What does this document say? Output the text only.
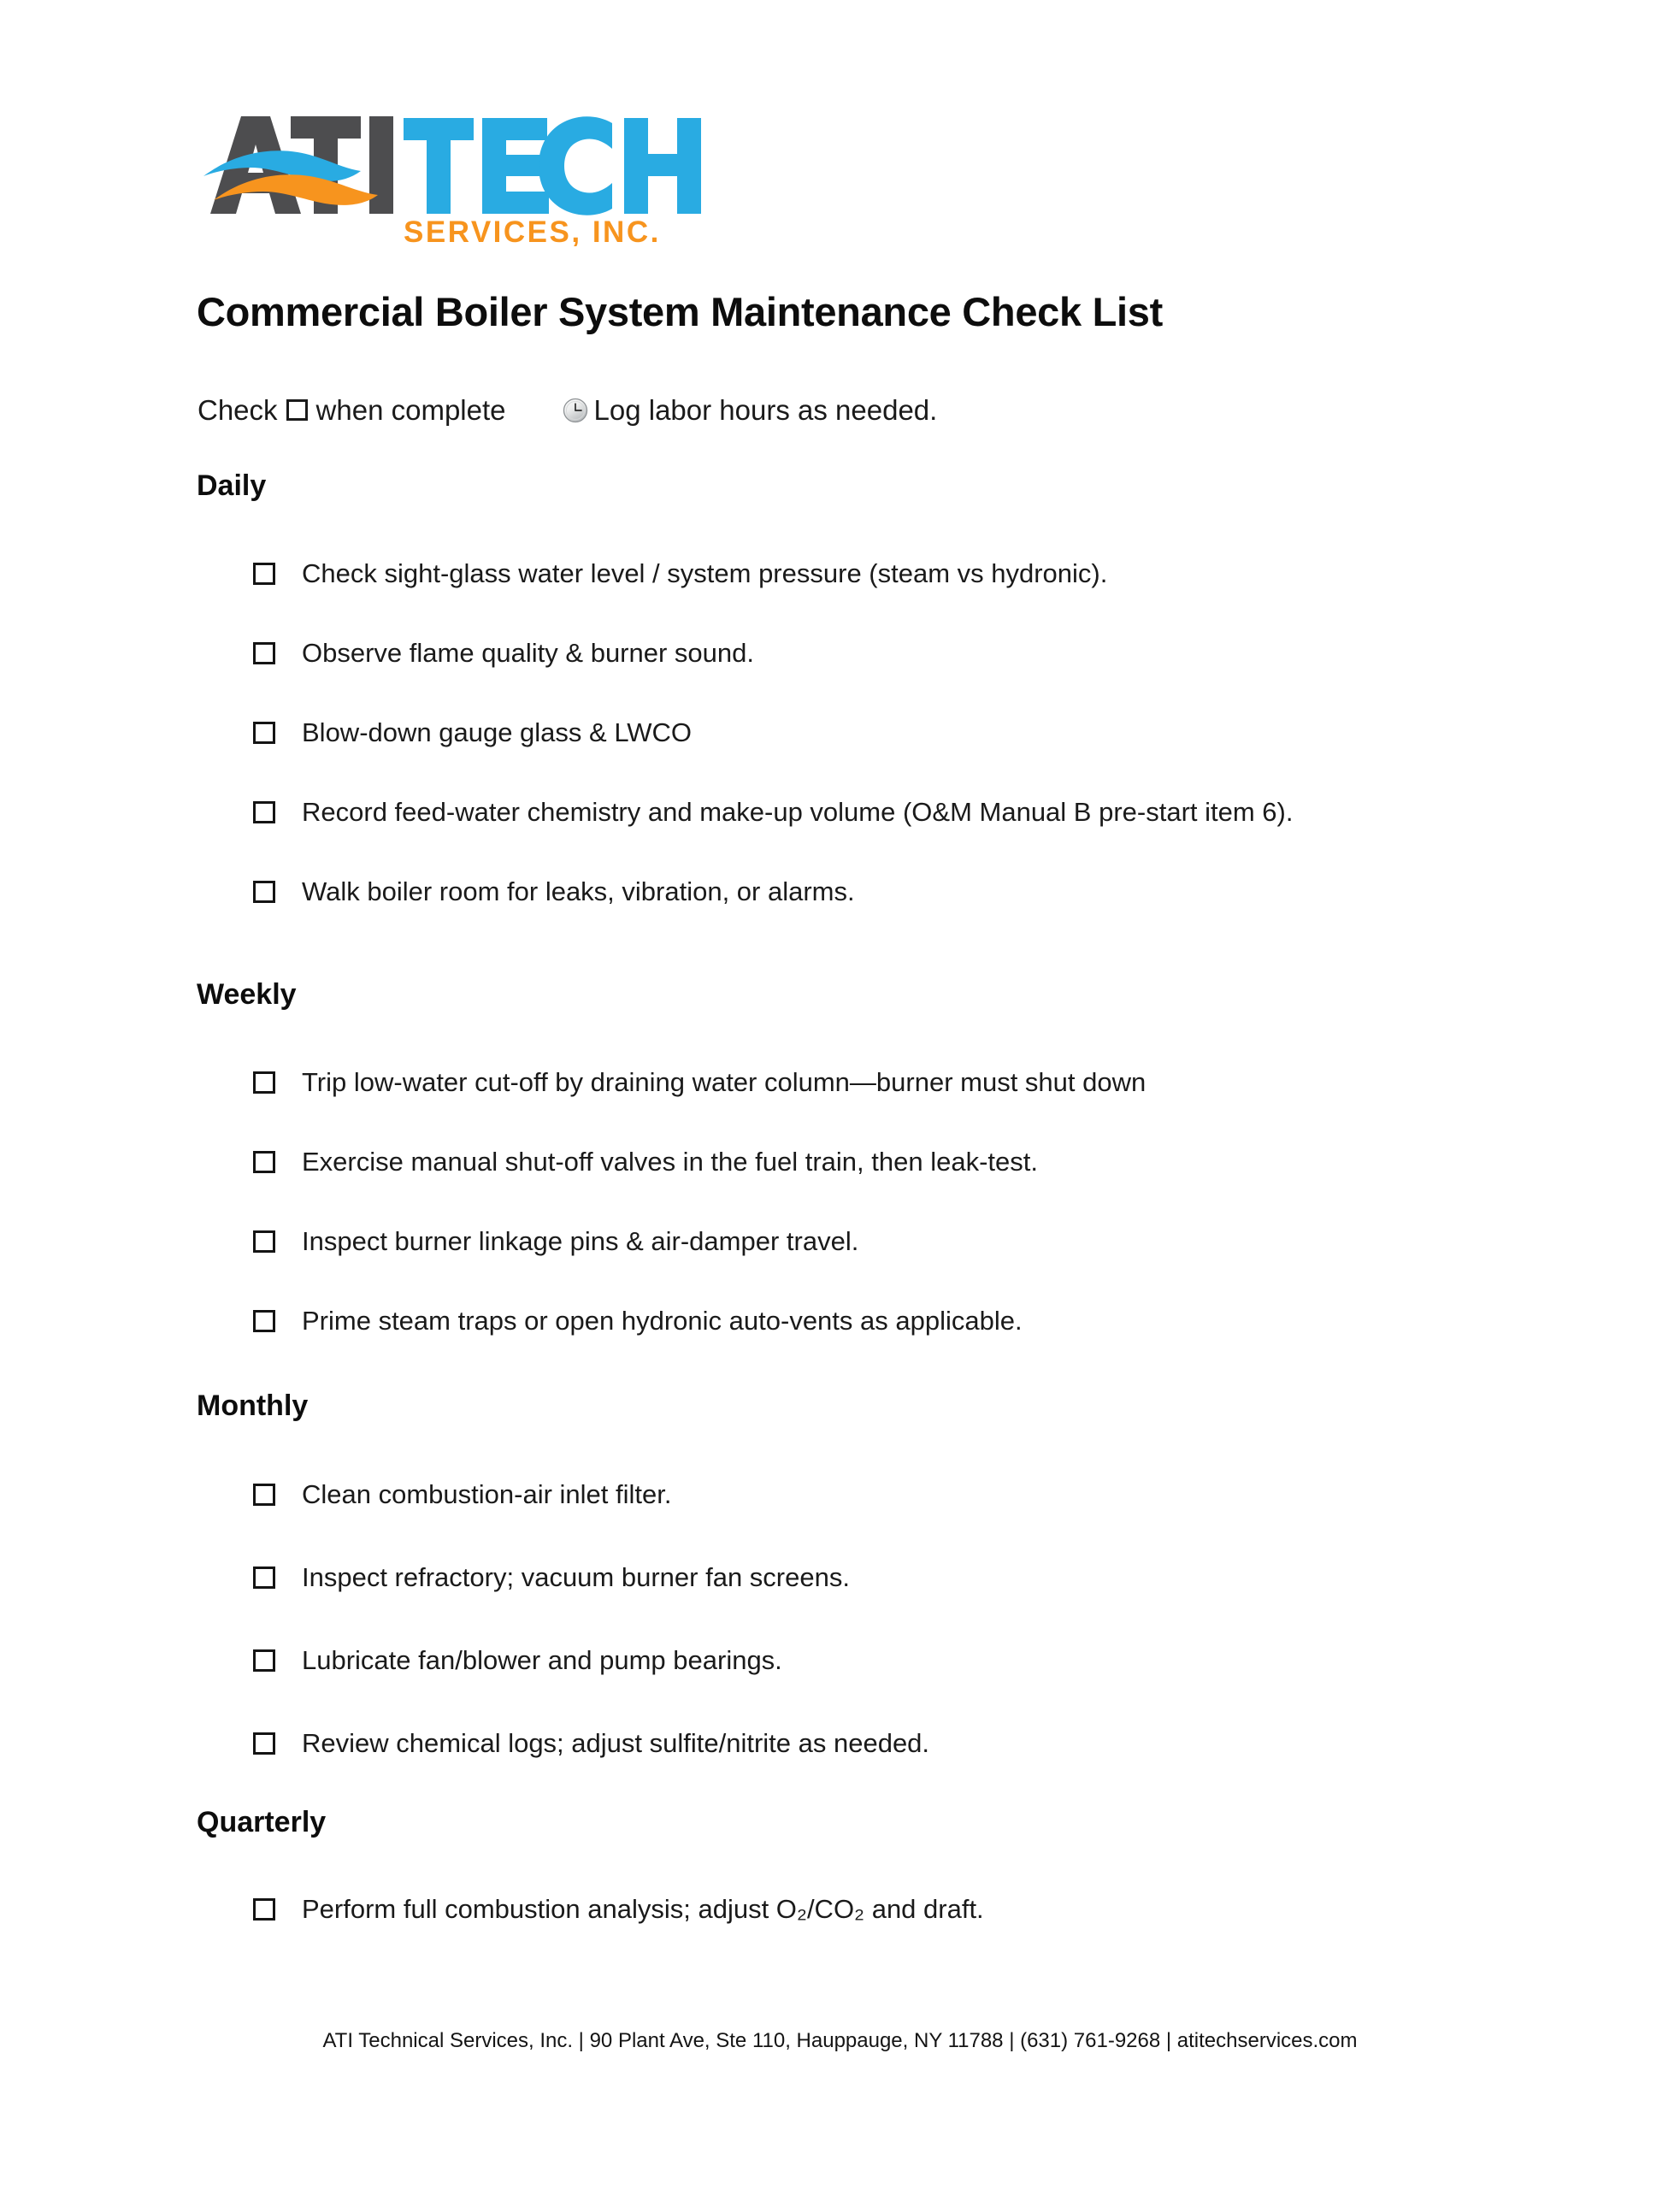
SERVICES, INC.
Commercial Boiler System Maintenance Check List
Check when complete	Log labor hours as needed.
Daily
Check sight-glass water level / system pressure (steam vs hydronic).
Observe flame quality & burner sound.
Blow-down gauge glass & LWCO
Record feed-water chemistry and make-up volume (O&M Manual B pre-start item 6).
Walk boiler room for leaks, vibration, or alarms.
Weekly
Trip low-water cut-off by draining water column—burner must shut down
Exercise manual shut-off valves in the fuel train, then leak-test.
Inspect burner linkage pins & air-damper travel.
Prime steam traps or open hydronic auto-vents as applicable.
Monthly
Clean combustion-air inlet filter.
Inspect refractory; vacuum burner fan screens.
Lubricate fan/blower and pump bearings.
Review chemical logs; adjust sulfite/nitrite as needed.
Quarterly
Perform full combustion analysis; adjust O₂/CO₂ and draft.
ATI Technical Services, Inc. | 90 Plant Ave, Ste 110, Hauppauge, NY 11788 | (631) 761-9268 | atitechservices.com
